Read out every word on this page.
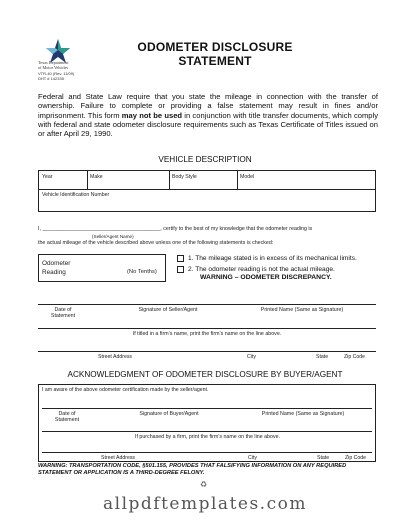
Texas Department
of Motor Vehicles
VTR-40 (Rev. 11/09)
DHT # 142335
ODOMETER DISCLOSURE
STATEMENT
Federal and State Law require that you state the mileage in connection with the transfer of ownership. Failure to complete or providing a false statement may result in fines and/or imprisonment. This form may not be used in conjunction with title transfer documents, which comply with federal and state odometer disclosure requirements such as Texas Certificate of Titles issued on or after April 29, 1990.
VEHICLE DESCRIPTION
Year	Make	Body Style	Model
Vehicle Identification Number
I, ________________________________________, certify to the best of my knowledge that the odometer reading is
(Seller/Agent Name)
the actual mileage of the vehicle described above unless one of the following statements is checked:
Odometer
Reading	(No Tenths)
1. The mileage stated is in excess of its mechanical limits.
2. The odometer reading is not the actual mileage.
WARNING – ODOMETER DISCREPANCY.
Date of
Statement
Signature of Seller/Agent	Printed Name (Same as Signature)
If titled in a firm’s name, print the firm’s name on the line above.
Street Address	City	State	Zip Code
ACKNOWLEDGMENT OF ODOMETER DISCLOSURE BY BUYER/AGENT
I am aware of the above odometer certification made by the seller/agent.
Date of
Statement
Signature of Buyer/Agent	Printed Name (Same as Signature)
If purchased by a firm, print the firm’s name on the line above.
Street Address	City	State	Zip Code
WARNING: TRANSPORTATION CODE, §501.155, PROVIDES THAT FALSIFYING INFORMATION ON ANY REQUIRED STATEMENT OR APPLICATION IS A THIRD-DEGREE FELONY.
♻
allpdftemplates.com
